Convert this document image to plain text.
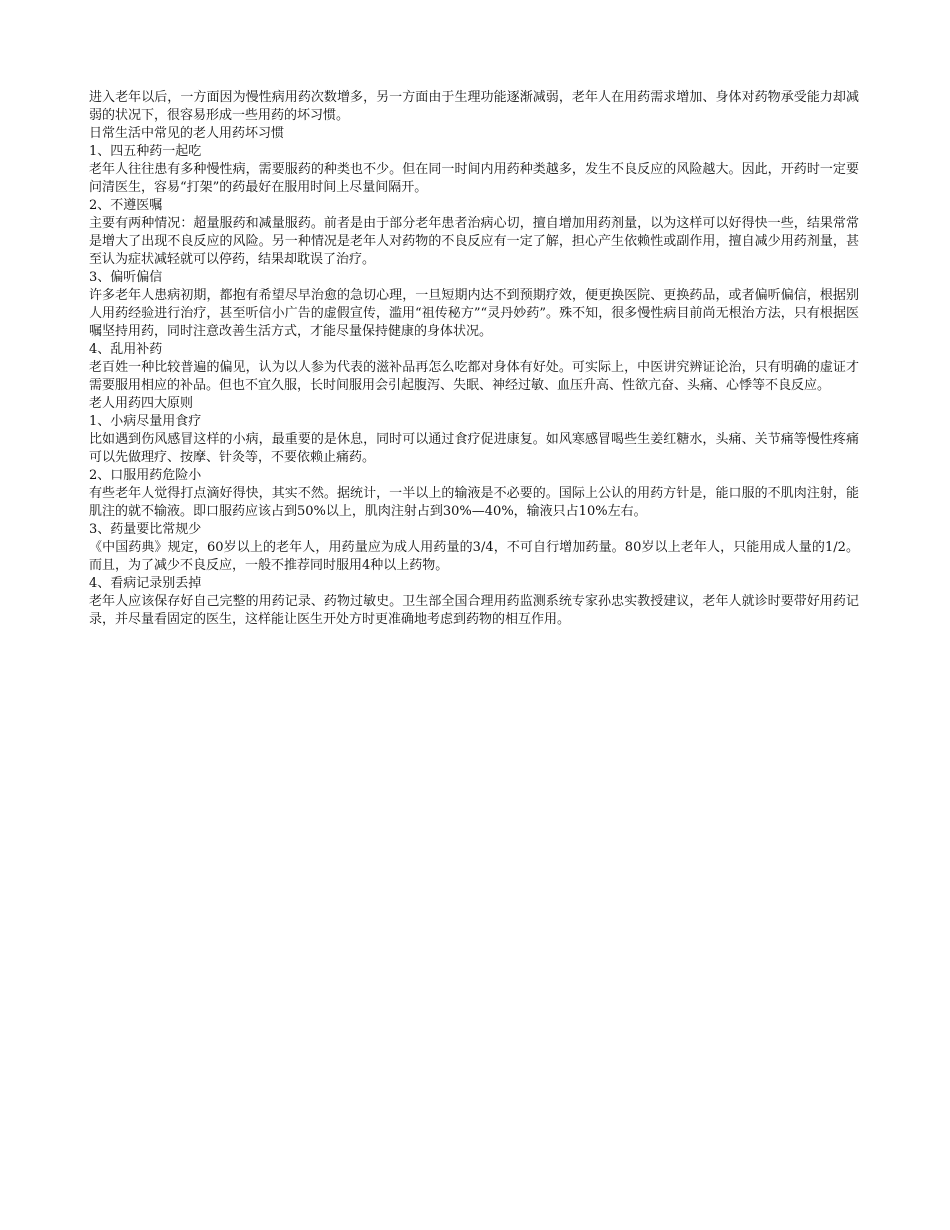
进入老年以后，一方面因为慢性病用药次数增多，另一方面由于生理功能逐渐减弱，老年人在用药需求增加、身体对药物承受能力却减弱的状况下，很容易形成一些用药的坏习惯。

日常生活中常见的老人用药坏习惯

1、四五种药一起吃

老年人往往患有多种慢性病，需要服药的种类也不少。但在同一时间内用药种类越多，发生不良反应的风险越大。因此，开药时一定要问清医生，容易“打架”的药最好在服用时间上尽量间隔开。

2、不遵医嘱

主要有两种情况：超量服药和减量服药。前者是由于部分老年患者治病心切，擅自增加用药剂量，以为这样可以好得快一些，结果常常是增大了出现不良反应的风险。另一种情况是老年人对药物的不良反应有一定了解，担心产生依赖性或副作用，擅自减少用药剂量，甚至认为症状减轻就可以停药，结果却耽误了治疗。

3、偏听偏信

许多老年人患病初期，都抱有希望尽早治愈的急切心理，一旦短期内达不到预期疗效，便更换医院、更换药品，或者偏听偏信，根据别人用药经验进行治疗，甚至听信小广告的虚假宣传，滥用“祖传秘方”“灵丹妙药”。殊不知，很多慢性病目前尚无根治方法，只有根据医嘱坚持用药，同时注意改善生活方式，才能尽量保持健康的身体状况。

4、乱用补药

老百姓一种比较普遍的偏见，认为以人参为代表的滋补品再怎么吃都对身体有好处。可实际上，中医讲究辨证论治，只有明确的虚证才需要服用相应的补品。但也不宜久服，长时间服用会引起腹泻、失眠、神经过敏、血压升高、性欲亢奋、头痛、心悸等不良反应。

老人用药四大原则

1、小病尽量用食疗

比如遇到伤风感冒这样的小病，最重要的是休息，同时可以通过食疗促进康复。如风寒感冒喝些生姜红糖水，头痛、关节痛等慢性疼痛可以先做理疗、按摩、针灸等，不要依赖止痛药。

2、口服用药危险小

有些老年人觉得打点滴好得快，其实不然。据统计，一半以上的输液是不必要的。国际上公认的用药方针是，能口服的不肌肉注射，能肌注的就不输液。即口服药应该占到50%以上，肌肉注射占到30%—40%，输液只占10%左右。

3、药量要比常规少

《中国药典》规定，60岁以上的老年人，用药量应为成人用药量的3/4，不可自行增加药量。80岁以上老年人，只能用成人量的1/2。而且，为了减少不良反应，一般不推荐同时服用4种以上药物。

4、看病记录别丢掉

老年人应该保存好自己完整的用药记录、药物过敏史。卫生部全国合理用药监测系统专家孙忠实教授建议，老年人就诊时要带好用药记录，并尽量看固定的医生，这样能让医生开处方时更准确地考虑到药物的相互作用。
